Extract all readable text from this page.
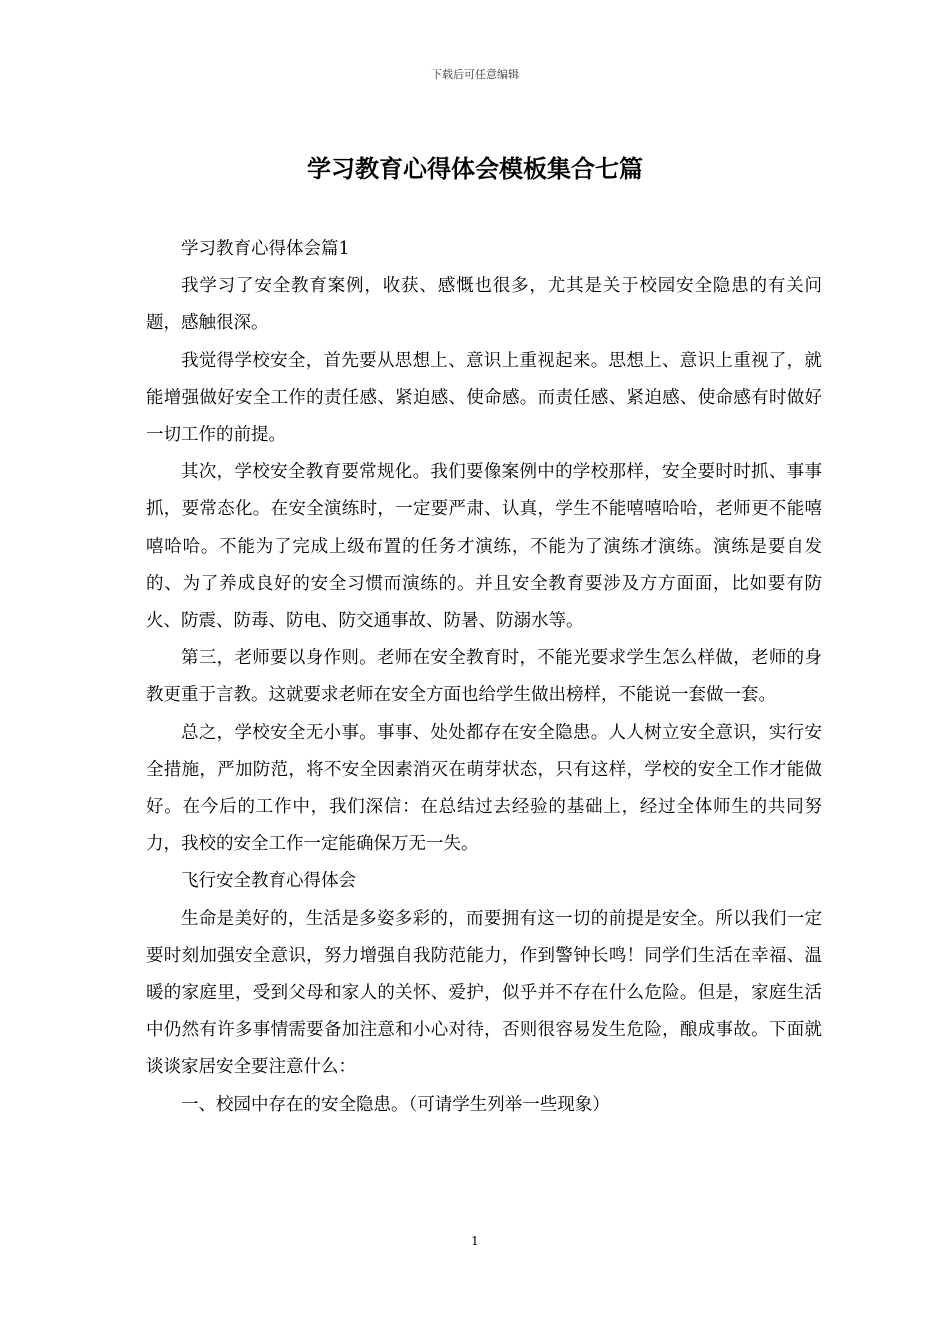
下载后可任意编辑
学习教育心得体会模板集合七篇

学习教育心得体会篇1

我学习了安全教育案例，收获、感慨也很多，尤其是关于校园安全隐患的有关问题，感触很深。

我觉得学校安全，首先要从思想上、意识上重视起来。思想上、意识上重视了，就能增强做好安全工作的责任感、紧迫感、使命感。而责任感、紧迫感、使命感有时做好一切工作的前提。

其次，学校安全教育要常规化。我们要像案例中的学校那样，安全要时时抓、事事抓，要常态化。在安全演练时，一定要严肃、认真，学生不能嘻嘻哈哈，老师更不能嘻嘻哈哈。不能为了完成上级布置的任务才演练，不能为了演练才演练。演练是要自发的、为了养成良好的安全习惯而演练的。并且安全教育要涉及方方面面，比如要有防火、防震、防毒、防电、防交通事故、防暑、防溺水等。

第三，老师要以身作则。老师在安全教育时，不能光要求学生怎么样做，老师的身教更重于言教。这就要求老师在安全方面也给学生做出榜样，不能说一套做一套。

总之，学校安全无小事。事事、处处都存在安全隐患。人人树立安全意识，实行安全措施，严加防范，将不安全因素消灭在萌芽状态，只有这样，学校的安全工作才能做好。在今后的工作中，我们深信：在总结过去经验的基础上，经过全体师生的共同努力，我校的安全工作一定能确保万无一失。

飞行安全教育心得体会

生命是美好的，生活是多姿多彩的，而要拥有这一切的前提是安全。所以我们一定要时刻加强安全意识，努力增强自我防范能力，作到警钟长鸣！同学们生活在幸福、温暖的家庭里，受到父母和家人的关怀、爱护，似乎并不存在什么危险。但是，家庭生活中仍然有许多事情需要备加注意和小心对待，否则很容易发生危险，酿成事故。下面就谈谈家居安全要注意什么：

一、校园中存在的安全隐患。（可请学生列举一些现象）

1
